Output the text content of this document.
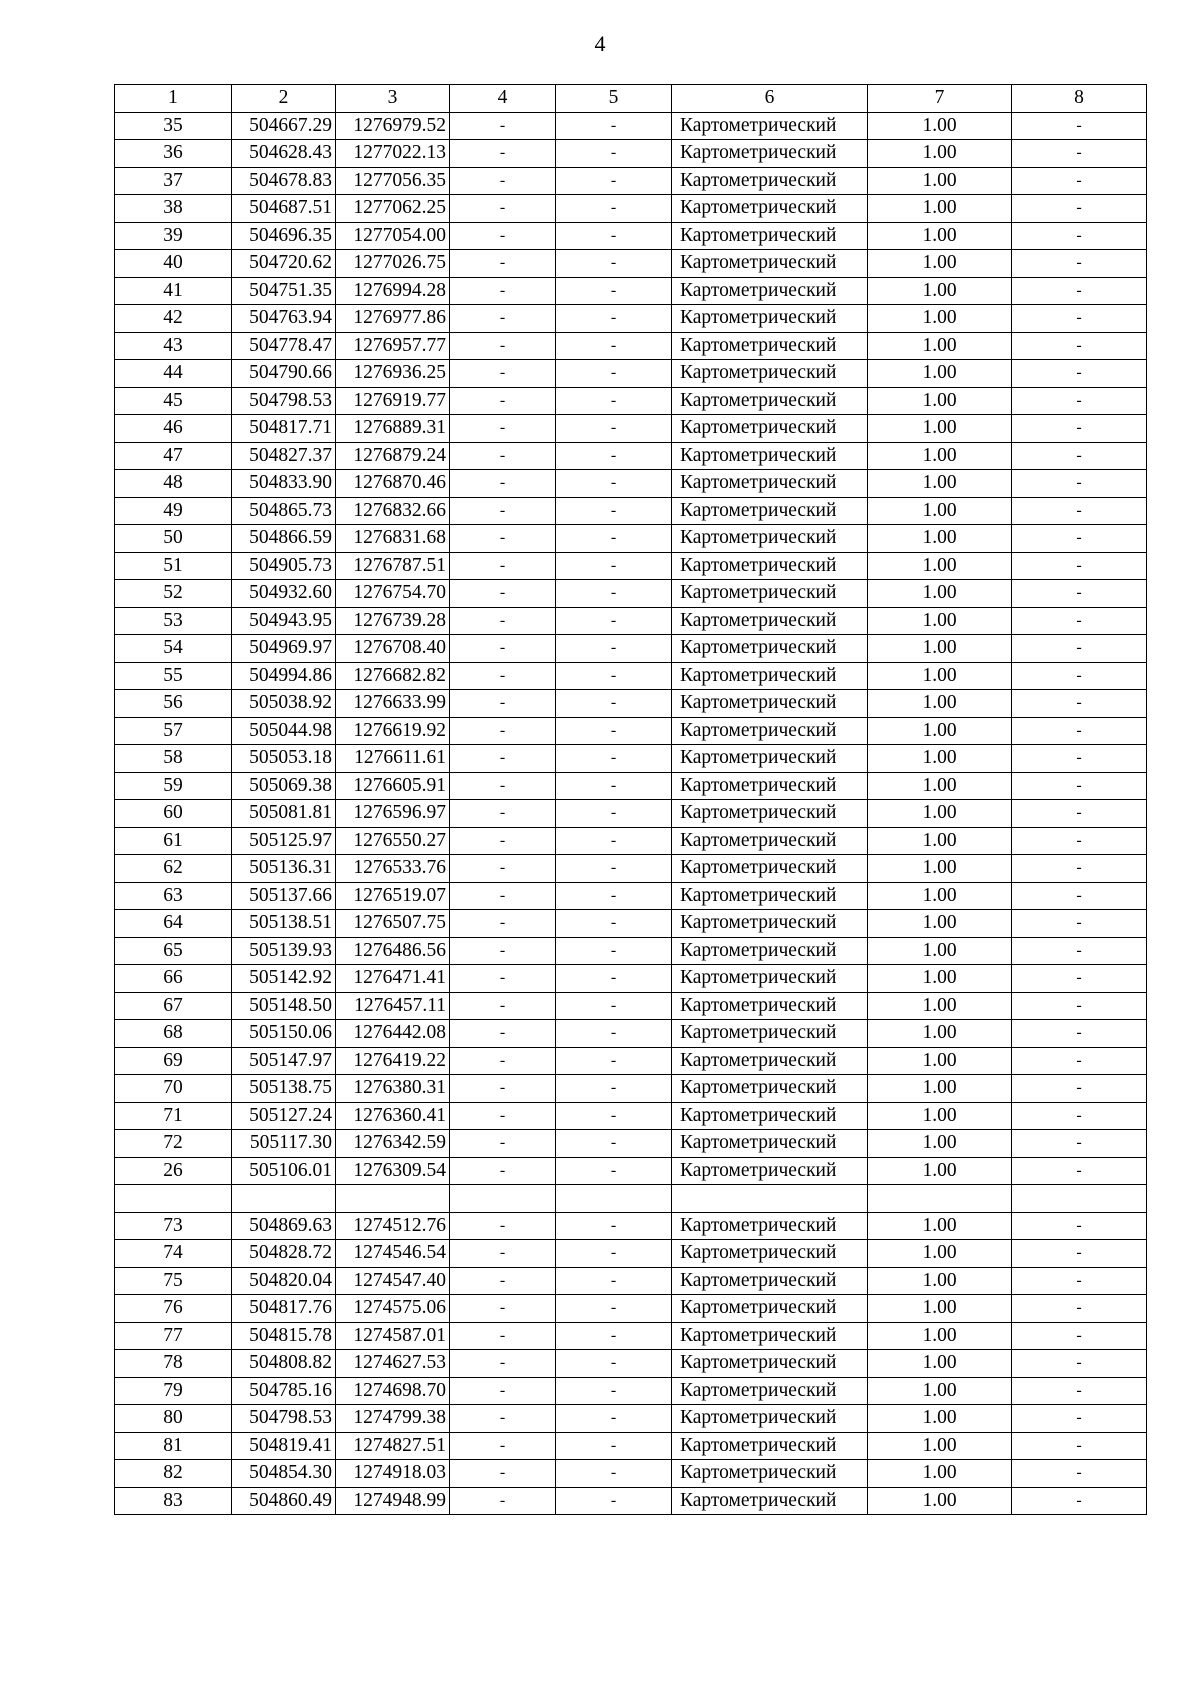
4
1	2	3	4	5	6	7	8
35	504667.29	1276979.52	-	-	Картометрический	1.00	-
36	504628.43	1277022.13	-	-	Картометрический	1.00	-
37	504678.83	1277056.35	-	-	Картометрический	1.00	-
38	504687.51	1277062.25	-	-	Картометрический	1.00	-
39	504696.35	1277054.00	-	-	Картометрический	1.00	-
40	504720.62	1277026.75	-	-	Картометрический	1.00	-
41	504751.35	1276994.28	-	-	Картометрический	1.00	-
42	504763.94	1276977.86	-	-	Картометрический	1.00	-
43	504778.47	1276957.77	-	-	Картометрический	1.00	-
44	504790.66	1276936.25	-	-	Картометрический	1.00	-
45	504798.53	1276919.77	-	-	Картометрический	1.00	-
46	504817.71	1276889.31	-	-	Картометрический	1.00	-
47	504827.37	1276879.24	-	-	Картометрический	1.00	-
48	504833.90	1276870.46	-	-	Картометрический	1.00	-
49	504865.73	1276832.66	-	-	Картометрический	1.00	-
50	504866.59	1276831.68	-	-	Картометрический	1.00	-
51	504905.73	1276787.51	-	-	Картометрический	1.00	-
52	504932.60	1276754.70	-	-	Картометрический	1.00	-
53	504943.95	1276739.28	-	-	Картометрический	1.00	-
54	504969.97	1276708.40	-	-	Картометрический	1.00	-
55	504994.86	1276682.82	-	-	Картометрический	1.00	-
56	505038.92	1276633.99	-	-	Картометрический	1.00	-
57	505044.98	1276619.92	-	-	Картометрический	1.00	-
58	505053.18	1276611.61	-	-	Картометрический	1.00	-
59	505069.38	1276605.91	-	-	Картометрический	1.00	-
60	505081.81	1276596.97	-	-	Картометрический	1.00	-
61	505125.97	1276550.27	-	-	Картометрический	1.00	-
62	505136.31	1276533.76	-	-	Картометрический	1.00	-
63	505137.66	1276519.07	-	-	Картометрический	1.00	-
64	505138.51	1276507.75	-	-	Картометрический	1.00	-
65	505139.93	1276486.56	-	-	Картометрический	1.00	-
66	505142.92	1276471.41	-	-	Картометрический	1.00	-
67	505148.50	1276457.11	-	-	Картометрический	1.00	-
68	505150.06	1276442.08	-	-	Картометрический	1.00	-
69	505147.97	1276419.22	-	-	Картометрический	1.00	-
70	505138.75	1276380.31	-	-	Картометрический	1.00	-
71	505127.24	1276360.41	-	-	Картометрический	1.00	-
72	505117.30	1276342.59	-	-	Картометрический	1.00	-
26	505106.01	1276309.54	-	-	Картометрический	1.00	-

73	504869.63	1274512.76	-	-	Картометрический	1.00	-
74	504828.72	1274546.54	-	-	Картометрический	1.00	-
75	504820.04	1274547.40	-	-	Картометрический	1.00	-
76	504817.76	1274575.06	-	-	Картометрический	1.00	-
77	504815.78	1274587.01	-	-	Картометрический	1.00	-
78	504808.82	1274627.53	-	-	Картометрический	1.00	-
79	504785.16	1274698.70	-	-	Картометрический	1.00	-
80	504798.53	1274799.38	-	-	Картометрический	1.00	-
81	504819.41	1274827.51	-	-	Картометрический	1.00	-
82	504854.30	1274918.03	-	-	Картометрический	1.00	-
83	504860.49	1274948.99	-	-	Картометрический	1.00	-
